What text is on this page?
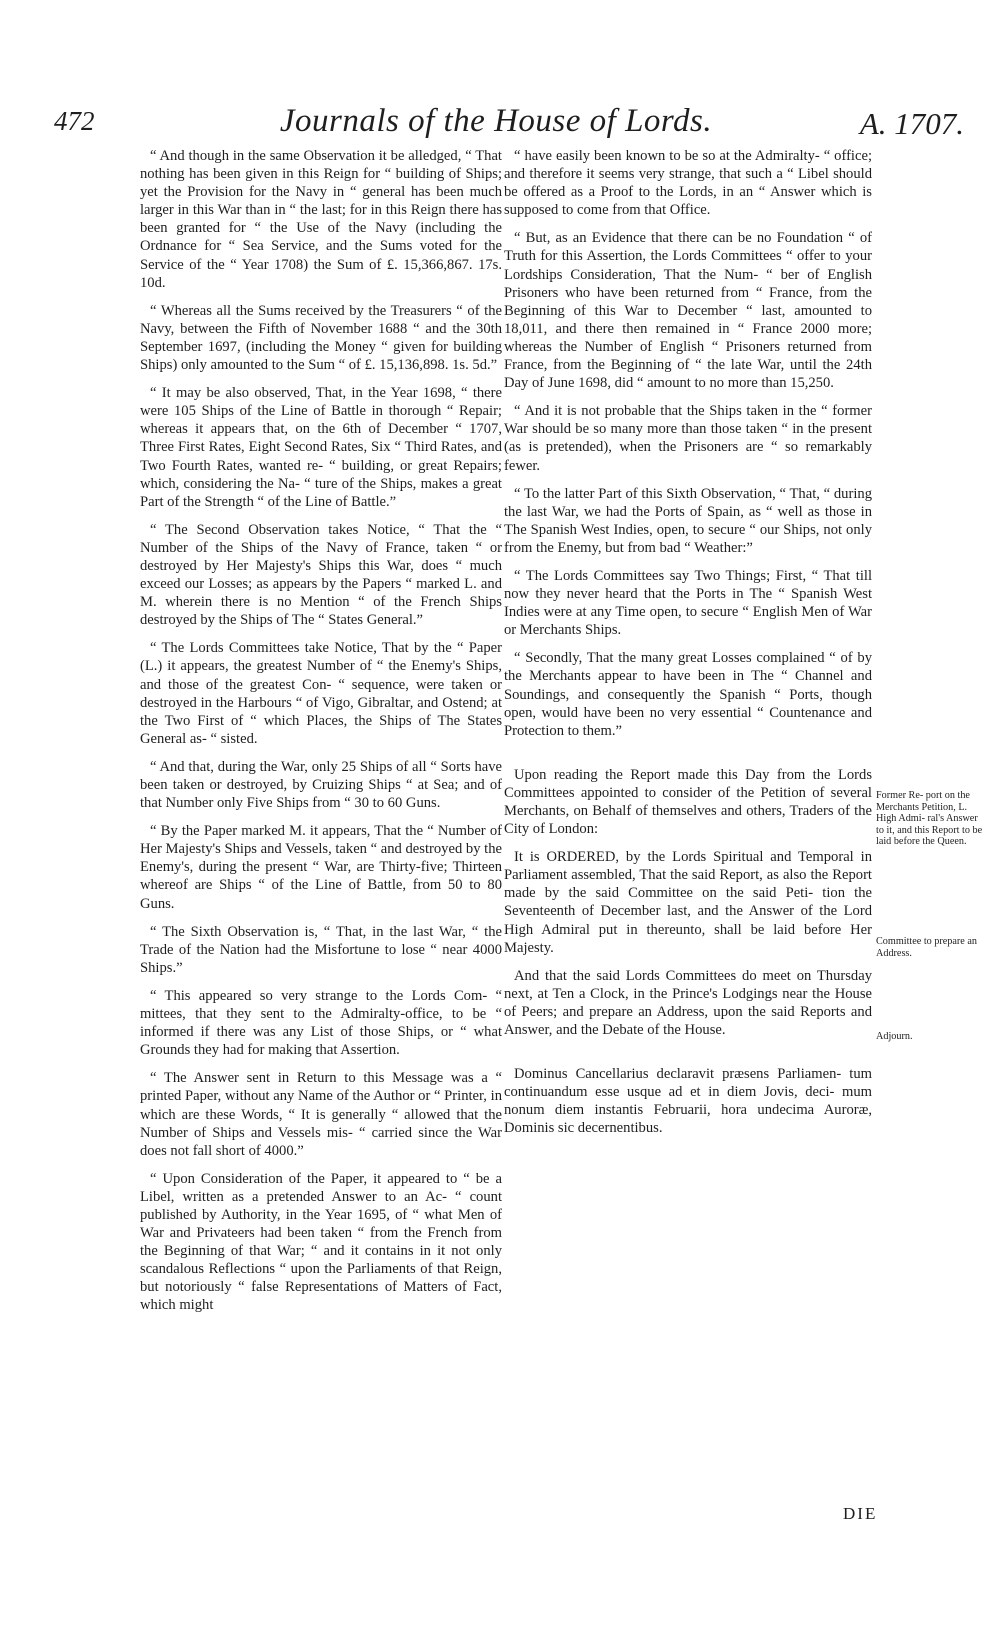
472	Journals of the House of Lords.	A. 1707.

“ And though in the same Observation it be alledged, “ That nothing has been given in this Reign for “ building of Ships; yet the Provision for the Navy in “ general has been much larger in this War than in “ the last; for in this Reign there has been granted for “ the Use of the Navy (including the Ordnance for “ Sea Service, and the Sums voted for the Service of the “ Year 1708) the Sum of £. 15,366,867. 17s. 10d.

“ Whereas all the Sums received by the Treasurers “ of the Navy, between the Fifth of November 1688 “ and the 30th September 1697, (including the Money “ given for building Ships) only amounted to the Sum “ of £. 15,136,898. 1s. 5d.”

“ It may be also observed, That, in the Year 1698, “ there were 105 Ships of the Line of Battle in thorough “ Repair; whereas it appears that, on the 6th of December “ 1707, Three First Rates, Eight Second Rates, Six “ Third Rates, and Two Fourth Rates, wanted re- “ building, or great Repairs; which, considering the Na- “ ture of the Ships, makes a great Part of the Strength “ of the Line of Battle.”

“ The Second Observation takes Notice, “ That the “ Number of the Ships of the Navy of France, taken “ or destroyed by Her Majesty's Ships this War, does “ much exceed our Losses; as appears by the Papers “ marked L. and M. wherein there is no Mention “ of the French Ships destroyed by the Ships of The “ States General.”

“ The Lords Committees take Notice, That by the “ Paper (L.) it appears, the greatest Number of “ the Enemy's Ships, and those of the greatest Con- “ sequence, were taken or destroyed in the Harbours “ of Vigo, Gibraltar, and Ostend; at the Two First of “ which Places, the Ships of The States General as- “ sisted.

“ And that, during the War, only 25 Ships of all “ Sorts have been taken or destroyed, by Cruizing Ships “ at Sea; and of that Number only Five Ships from “ 30 to 60 Guns.

“ By the Paper marked M. it appears, That the “ Number of Her Majesty's Ships and Vessels, taken “ and destroyed by the Enemy's, during the present “ War, are Thirty-five; Thirteen whereof are Ships “ of the Line of Battle, from 50 to 80 Guns.

“ The Sixth Observation is, “ That, in the last War, “ the Trade of the Nation had the Misfortune to lose “ near 4000 Ships.”

“ This appeared so very strange to the Lords Com- “ mittees, that they sent to the Admiralty-office, to be “ informed if there was any List of those Ships, or “ what Grounds they had for making that Assertion.

“ The Answer sent in Return to this Message was a “ printed Paper, without any Name of the Author or “ Printer, in which are these Words, “ It is generally “ allowed that the Number of Ships and Vessels mis- “ carried since the War does not fall short of 4000.”

“ Upon Consideration of the Paper, it appeared to “ be a Libel, written as a pretended Answer to an Ac- “ count published by Authority, in the Year 1695, of “ what Men of War and Privateers had been taken “ from the French from the Beginning of that War; “ and it contains in it not only scandalous Reflections “ upon the Parliaments of that Reign, but notoriously “ false Representations of Matters of Fact, which might

“ have easily been known to be so at the Admiralty- “ office; and therefore it seems very strange, that such a “ Libel should be offered as a Proof to the Lords, in an “ Answer which is supposed to come from that Office.

“ But, as an Evidence that there can be no Foundation “ of Truth for this Assertion, the Lords Committees “ offer to your Lordships Consideration, That the Num- “ ber of English Prisoners who have been returned from “ France, from the Beginning of this War to December “ last, amounted to 18,011, and there then remained in “ France 2000 more; whereas the Number of English “ Prisoners returned from France, from the Beginning of “ the late War, until the 24th Day of June 1698, did “ amount to no more than 15,250.

“ And it is not probable that the Ships taken in the “ former War should be so many more than those taken “ in the present (as is pretended), when the Prisoners are “ so remarkably fewer.

“ To the latter Part of this Sixth Observation, “ That, “ during the last War, we had the Ports of Spain, as “ well as those in The Spanish West Indies, open, to secure “ our Ships, not only from the Enemy, but from bad “ Weather:”

“ The Lords Committees say Two Things; First, “ That till now they never heard that the Ports in The “ Spanish West Indies were at any Time open, to secure “ English Men of War or Merchants Ships.

“ Secondly, That the many great Losses complained “ of by the Merchants appear to have been in The “ Channel and Soundings, and consequently the Spanish “ Ports, though open, would have been no very essential “ Countenance and Protection to them.”

Upon reading the Report made this Day from the Lords Committees appointed to consider of the Petition of several Merchants, on Behalf of themselves and others, Traders of the City of London:

It is ORDERED, by the Lords Spiritual and Temporal in Parliament assembled, That the said Report, as also the Report made by the said Committee on the said Peti- tion the Seventeenth of December last, and the Answer of the Lord High Admiral put in thereunto, shall be laid before Her Majesty.

And that the said Lords Committees do meet on Thursday next, at Ten a Clock, in the Prince's Lodgings near the House of Peers; and prepare an Address, upon the said Reports and Answer, and the Debate of the House.

Dominus Cancellarius declaravit præsens Parliamen- tum continuandum esse usque ad et in diem Jovis, deci- mum nonum diem instantis Februarii, hora undecima Auroræ, Dominis sic decernentibus.

Former Re- port on the Merchants Petition, L. High Admi- ral's Answer to it, and this Report to be laid before the Queen.
Committee to prepare an Address.
Adjourn.
DIE
